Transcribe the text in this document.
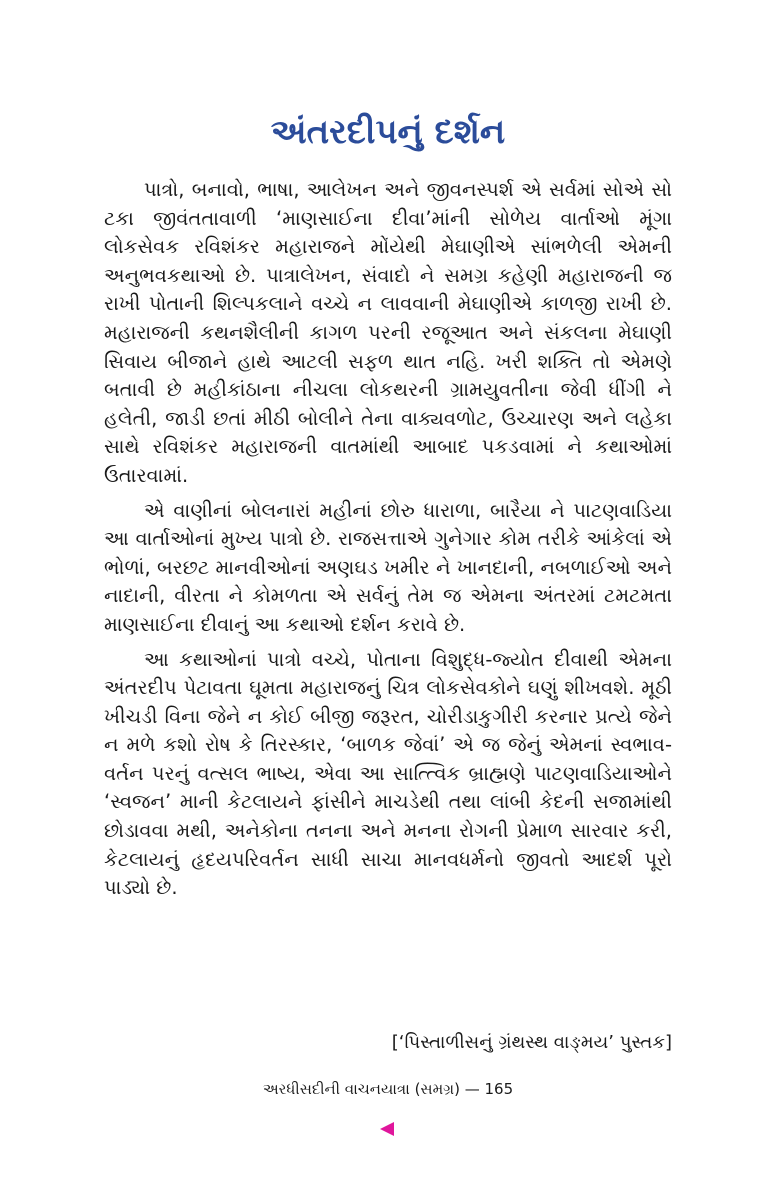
અંતરદીપનું દર્શન

પાત્રો, બનાવો, ભાષા, આલેખન અને જીવનસ્પર્શ એ સર્વમાં સોએ સો ટકા જીવંતતાવાળી ‘માણસાઈના દીવા’માંની સોળેય વાર્તાઓ મૂંગા લોકસેવક રવિશંકર મહારાજને મોંયેથી મેઘાણીએ સાંભળેલી એમની અનુભવકથાઓ છે. પાત્રાલેખન, સંવાદો ને સમગ્ર કહેણી મહારાજની જ રાખી પોતાની શિલ્પકલાને વચ્ચે ન લાવવાની મેઘાણીએ કાળજી રાખી છે. મહારાજની કથનશૈલીની કાગળ પરની રજૂઆત અને સંકલના મેઘાણી સિવાય બીજાને હાથે આટલી સફળ થાત નહિ. ખરી શક્તિ તો એમણે બતાવી છે મહીકાંઠાના નીચલા લોકથરની ગ્રામયુવતીના જેવી ધીંગી ને હલેતી, જાડી છતાં મીઠી બોલીને તેના વાક્યવળોટ, ઉચ્ચારણ અને લહેકા સાથે રવિશંકર મહારાજની વાતમાંથી આબાદ પકડવામાં ને કથાઓમાં ઉતારવામાં.

એ વાણીનાં બોલનારાં મહીનાં છોરુ ધારાળા, બારૈયા ને પાટણવાડિયા આ વાર્તાઓનાં મુખ્ય પાત્રો છે. રાજસત્તાએ ગુનેગાર કોમ તરીકે આંકેલાં એ ભોળાં, બરછટ માનવીઓનાં અણઘડ ખમીર ને ખાનદાની, નબળાઈઓ અને નાદાની, વીરતા ને કોમળતા એ સર્વનું તેમ જ એમના અંતરમાં ટમટમતા માણસાઈના દીવાનું આ કથાઓ દર્શન કરાવે છે.

આ કથાઓનાં પાત્રો વચ્ચે, પોતાના વિશુદ્ધ-જ્યોત દીવાથી એમના અંતરદીપ પેટાવતા ઘૂમતા મહારાજનું ચિત્ર લોકસેવકોને ઘણું શીખવશે. મૂઠી ખીચડી વિના જેને ન કોઈ બીજી જરૂરત, ચોરીડાકુગીરી કરનાર પ્રત્યે જેને ન મળે કશો રોષ કે તિરસ્કાર, ‘બાળક જેવાં’ એ જ જેનું એમનાં સ્વભાવ-વર્તન પરનું વત્સલ ભાષ્ય, એવા આ સાત્ત્વિક બ્રાહ્મણે પાટણવાડિયાઓને ‘સ્વજન’ માની કેટલાયને ફાંસીને માચડેથી તથા લાંબી કેદની સજામાંથી છોડાવવા મથી, અનેકોના તનના અને મનના રોગની પ્રેમાળ સારવાર કરી, કેટલાયનું હૃદયપરિવર્તન સાધી સાચા માનવધર્મનો જીવતો આદર્શ પૂરો પાડ્યો છે.

[‘પિસ્તાળીસનું ગ્રંથસ્થ વાઙ્મય’ પુસ્તક]
અરધીસદીની વાચનયાત્રા (સમગ્ર) — 165
